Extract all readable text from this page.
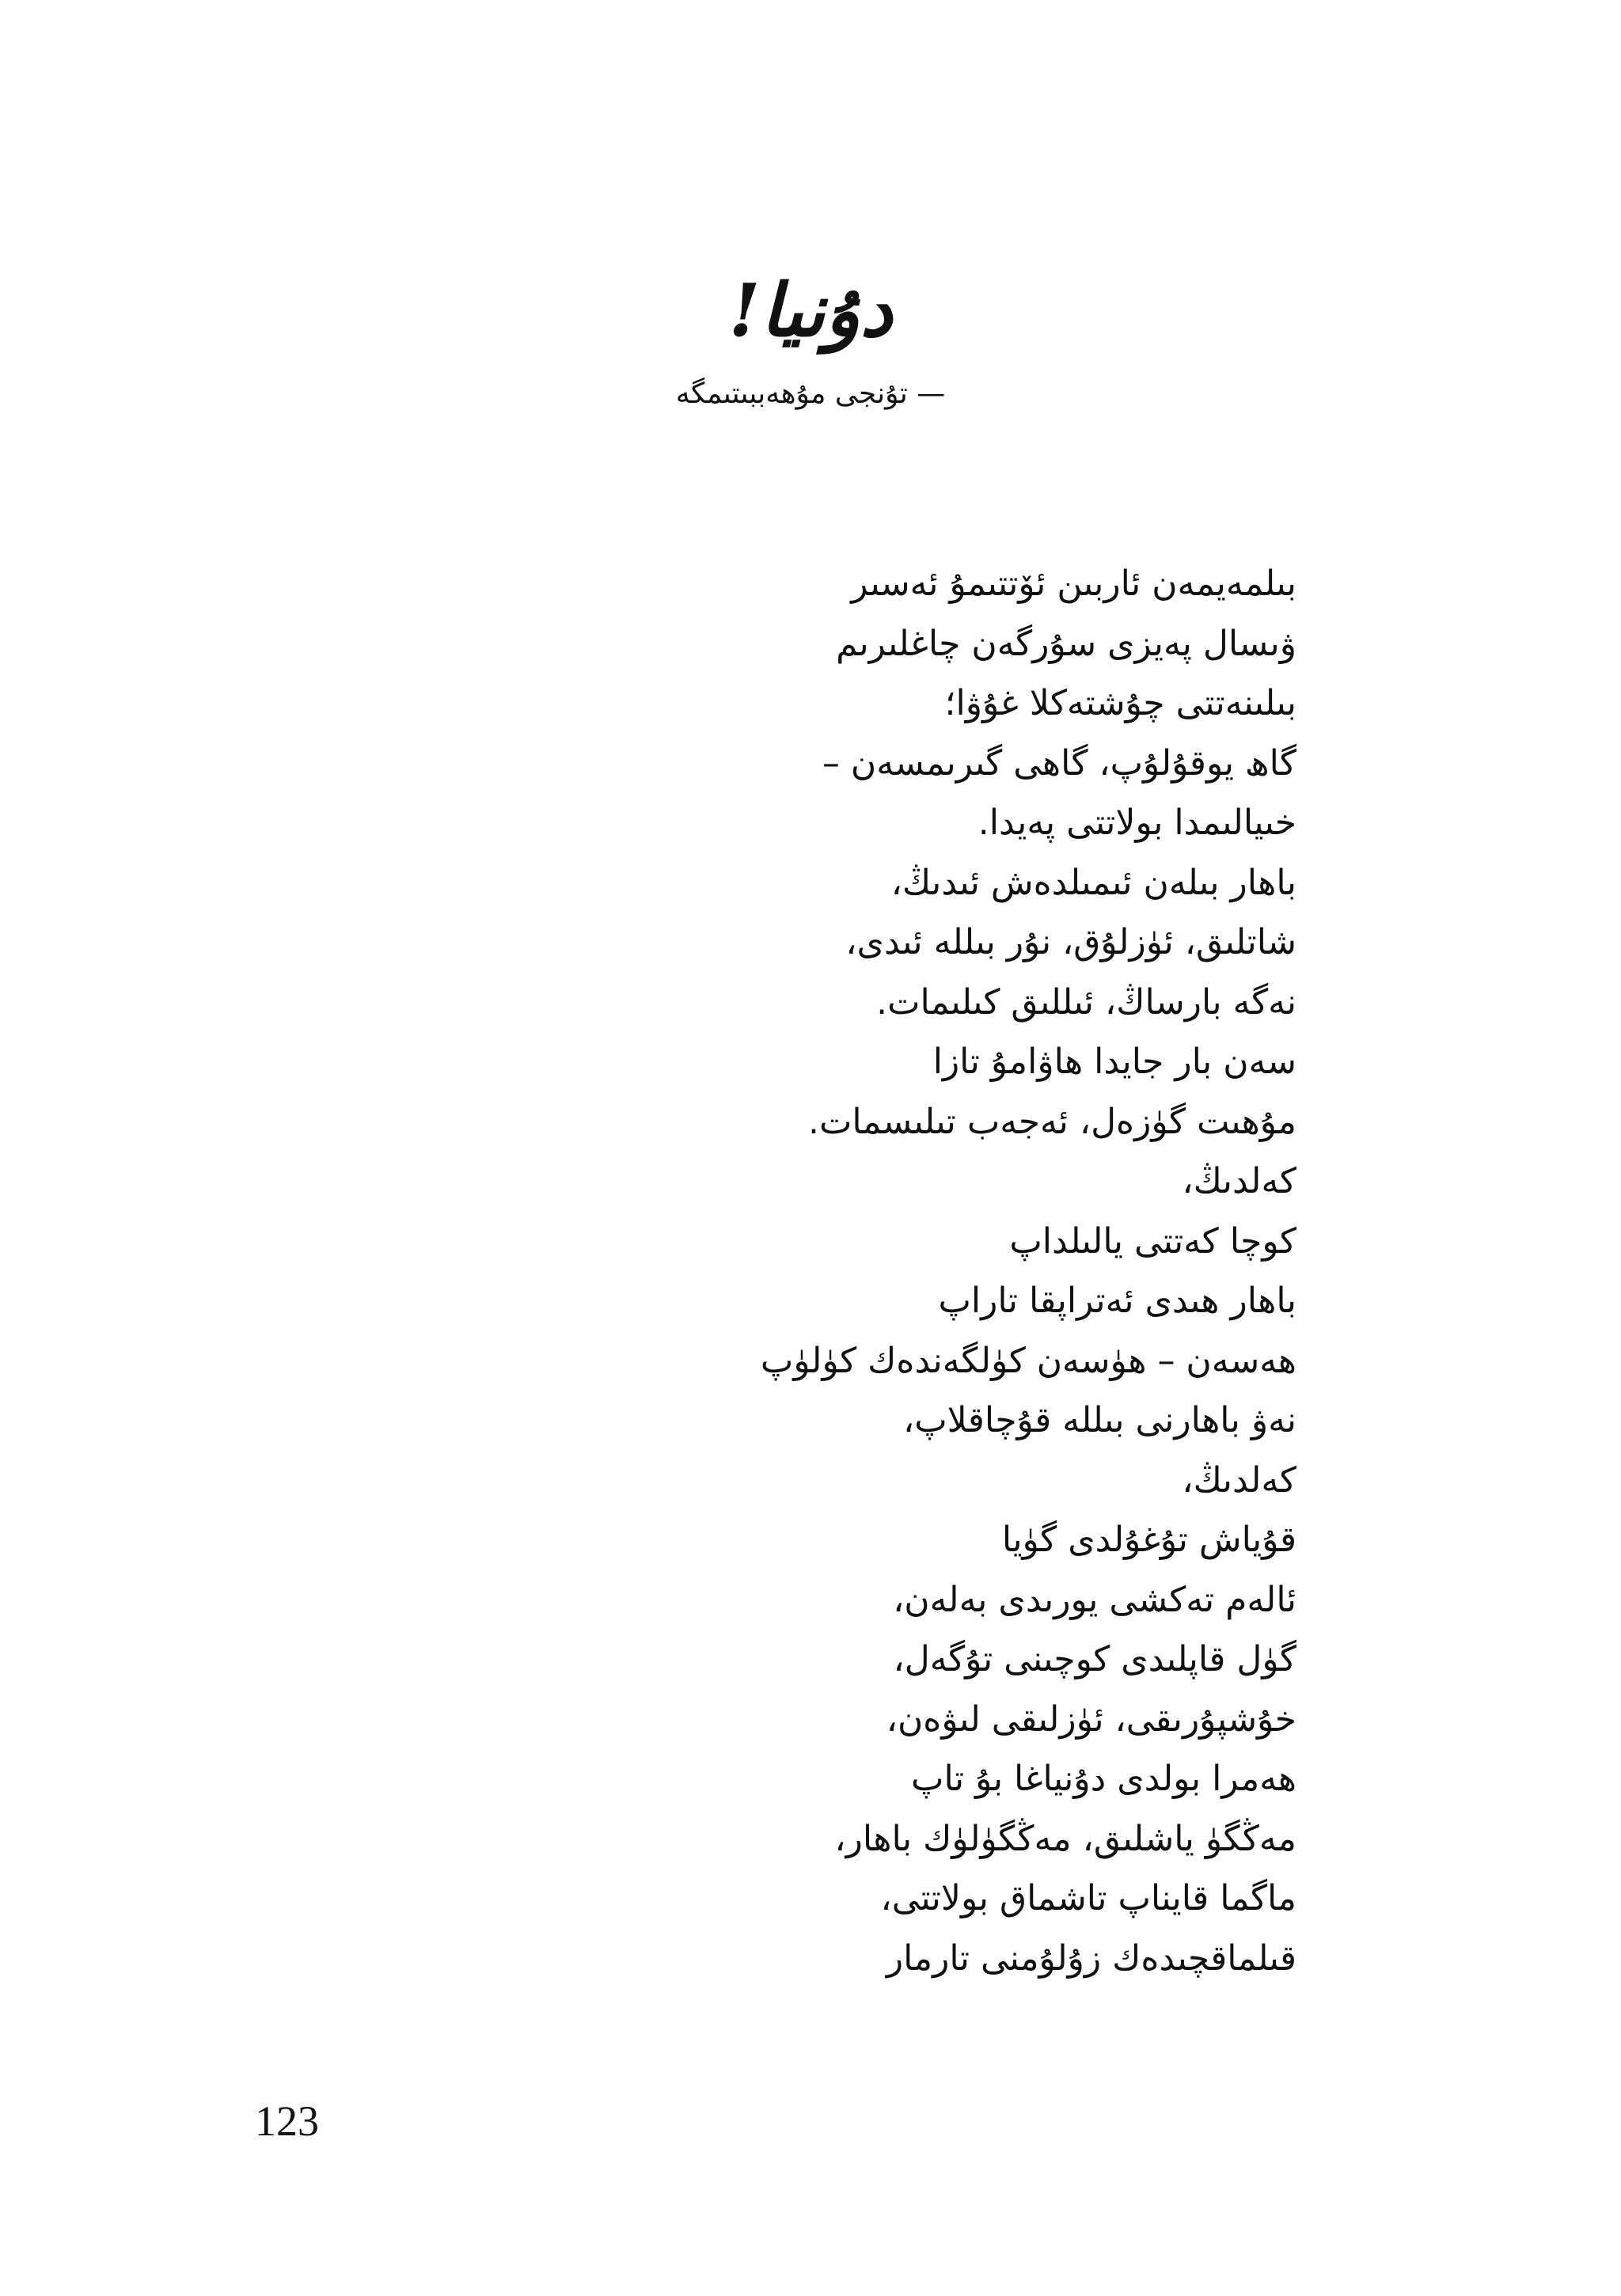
دۇنيا!
— تۇنجى مۇھەببىتىمگە
بىلمەيمەن ئاربىن ئۆتتىمۇ ئەسىر
ۋىسال پەيزى سۇرگەن چاغلىرىم
بىلىنەتتى چۇشتەكلا غۇۋا؛
گاھ يوقۇلۇپ، گاھى گىرىمسەن –
خىيالىمدا بولاتتى پەيدا.
باھار بىلەن ئىمىلدەش ئىدىڭ،
شاتلىق، ئۈزلۇق، نۇر بىللە ئىدى،
نەگە بارساڭ، ئىللىق كىلىمات.
سەن بار جايدا ھاۋامۇ تازا
مۇھىت گۈزەل، ئەجەب تىلىسمات.
كەلدىڭ،
كوچا كەتتى يالىلداپ
باھار ھىدى ئەتراپقا تاراپ
ھەسەن – ھۈسەن كۈلگەندەك كۈلۈپ
نەۋ باھارنى بىللە قۇچاقلاپ،
كەلدىڭ،
قۇياش تۇغۇلدى گۈيا
ئالەم تەكشى يورىدى بەلەن،
گۈل قاپلىدى كوچىنى تۇگەل،
خۇشپۇرىقى، ئۈزلىقى لىۋەن،
ھەمرا بولدى دۇنياغا بۇ تاپ
مەڭگۈ ياشلىق، مەڭگۈلۈك باھار،
ماگما قايناپ تاشماق بولاتتى،
قىلماقچىدەك زۇلۇمنى تارمار
123
